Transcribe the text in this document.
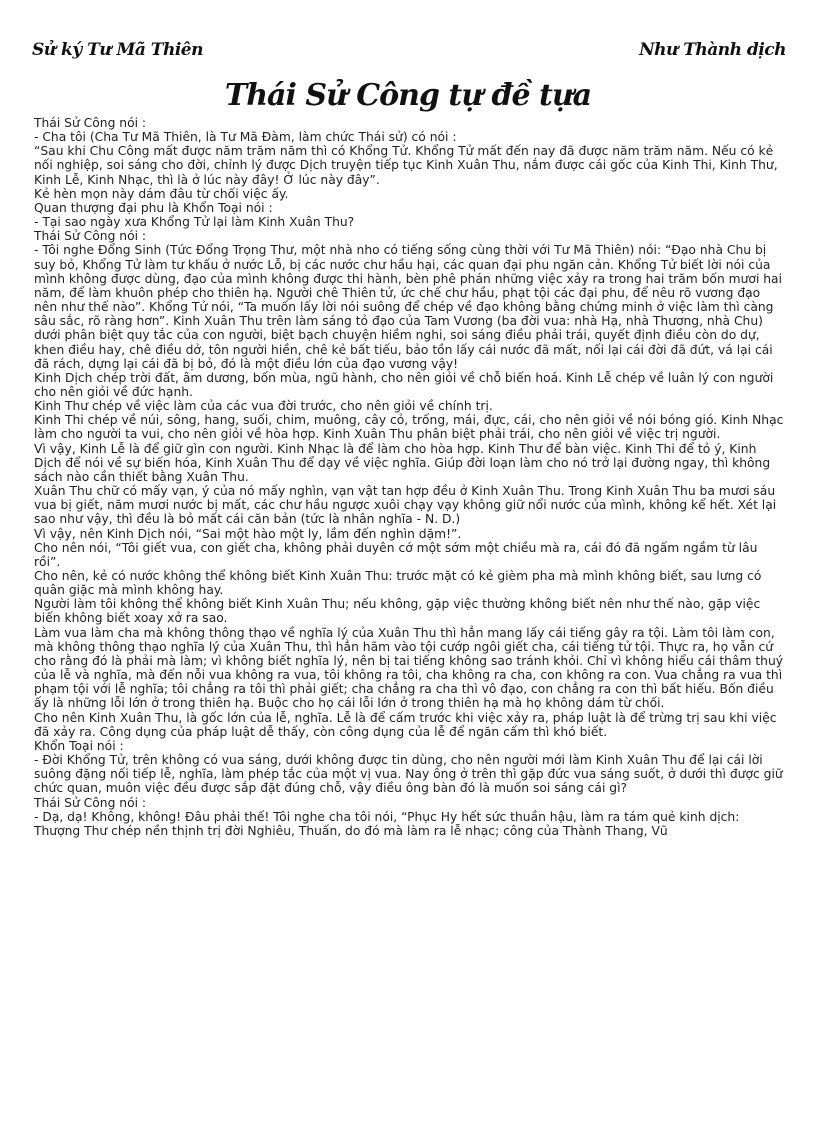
Sử ký Tư Mã Thiên	Như Thành dịch
Thái Sử Công tự đề tựa

Thái Sử Công nói :

- Cha tôi (Cha Tư Mã Thiên, là Tư Mã Đàm, làm chức Thái sử) có nói :

“Sau khi Chu Công mất được năm trăm năm thì có Khổng Tử. Khổng Tử mất đến nay đã được năm trăm năm. Nếu có kẻ nối nghiệp, soi sáng cho đời, chỉnh lý được Dịch truyện tiếp tục Kinh Xuân Thu, nắm được cái gốc của Kinh Thi, Kinh Thư, Kinh Lễ, Kinh Nhạc, thì là ở lúc này đây! Ở lúc này đây”.

Kẻ hèn mọn này dám đâu từ chối việc ấy.

Quan thượng đại phu là Khổn Toại nói :

- Tại sao ngày xưa Khổng Tử lại làm Kinh Xuân Thu?

Thái Sử Công nói :

- Tôi nghe Đổng Sinh (Tức Đổng Trọng Thư, một nhà nho có tiếng sống cùng thời với Tư Mã Thiên) nói: “Đạo nhà Chu bị suy bỏ, Khổng Tử làm tư khấu ở nước Lỗ, bị các nước chư hầu hại, các quan đại phu ngăn cản. Khổng Tử biết lời nói của mình không được dùng, đạo của mình không được thi hành, bèn phê phán những việc xảy ra trong hai trăm bốn mươi hai năm, để làm khuôn phép cho thiên hạ. Người chê Thiên tử, ức chế chư hầu, phạt tội các đại phu, để nêu rõ vương đạo nên như thế nào”. Khổng Tử nói, “Ta muốn lấy lời nói suông để chép về đạo không bằng chứng minh ở việc làm thì càng sâu sắc, rõ ràng hơn”. Kinh Xuân Thu trên làm sáng tỏ đạo của Tam Vương (ba đời vua: nhà Hạ, nhà Thương, nhà Chu) dưới phân biệt quy tắc của con người, biệt bạch chuyện hiềm nghi, soi sáng điều phải trái, quyết định điều còn do dự, khen điều hay, chê điều dở, tôn người hiền, chê kẻ bất tiếu, bảo tồn lấy cái nước đã mất, nối lại cái đời đã đứt, vá lại cái đã rách, dựng lại cái đã bị bỏ, đó là một điều lớn của đạo vương vậy!

Kinh Dịch chép trời đất, âm dương, bốn mùa, ngũ hành, cho nên giỏi về chỗ biến hoá. Kinh Lễ chép về luân lý con người cho nên giỏi về đức hạnh.

Kinh Thư chép về việc làm của các vua đời trước, cho nên giỏi về chính trị.

Kinh Thi chép về núi, sông, hang, suối, chim, muông, cây cỏ, trống, mái, đực, cái, cho nên giỏi về nói bóng gió. Kinh Nhạc làm cho người ta vui, cho nên giỏi về hòa hợp. Kinh Xuân Thu phân biệt phải trái, cho nên giỏi về việc trị người.

Vì vậy, Kinh Lễ là để giữ gìn con người. Kinh Nhạc là để làm cho hòa hợp. Kinh Thư để bàn việc. Kinh Thi để tỏ ý, Kinh Dịch để nói về sự biến hóa, Kinh Xuân Thu để dạy về việc nghĩa. Giúp đời loạn làm cho nó trở lại đường ngay, thì không sách nào cần thiết bằng Xuân Thu.

Xuân Thu chữ có mấy vạn, ý của nó mấy nghìn, vạn vật tan hợp đều ở Kinh Xuân Thu. Trong Kinh Xuân Thu ba mươi sáu vua bị giết, năm mươi nước bị mất, các chư hầu ngược xuôi chạy vạy không giữ nổi nước của mình, không kể hết. Xét lại sao như vậy, thì đều là bỏ mất cái căn bản (tức là nhân nghĩa - N. D.)

Vì vậy, nên Kinh Dịch nói, “Sai một hào một ly, lầm đến nghìn dặm!”.

Cho nên nói, “Tôi giết vua, con giết cha, không phải duyên cớ một sớm một chiều mà ra, cái đó đã ngấm ngầm từ lâu rồi”.

Cho nên, kẻ có nước không thể không biết Kinh Xuân Thu: trước mặt có kẻ gièm pha mà mình không biết, sau lưng có quân giặc mà mình không hay.

Người làm tôi không thể không biết Kinh Xuân Thu; nếu không, gặp việc thường không biết nên như thế nào, gặp việc biến không biết xoay xở ra sao.

Làm vua làm cha mà không thông thạo về nghĩa lý của Xuân Thu thì hẳn mang lấy cái tiếng gây ra tội. Làm tôi làm con, mà không thông thạo nghĩa lý của Xuân Thu, thì hẳn hãm vào tội cướp ngôi giết cha, cái tiếng tử tội. Thực ra, họ vẫn cứ cho rằng đó là phải mà làm; vì không biết nghĩa lý, nên bị tai tiếng không sao tránh khỏi. Chỉ vì không hiểu cái thâm thuý của lễ và nghĩa, mà đến nỗi vua không ra vua, tôi không ra tôi, cha không ra cha, con không ra con. Vua chẳng ra vua thì phạm tội với lễ nghĩa; tôi chẳng ra tôi thì phải giết; cha chẳng ra cha thì vô đạo, con chẳng ra con thì bất hiếu. Bốn điều ấy là những lỗi lớn ở trong thiên hạ. Buộc cho họ cái lỗi lớn ở trong thiên hạ mà họ không dám từ chối.

Cho nên Kinh Xuân Thu, là gốc lớn của lễ, nghĩa. Lễ là để cấm trước khi việc xảy ra, pháp luật là để trừng trị sau khi việc đã xảy ra. Công dụng của pháp luật dễ thấy, còn công dụng của lễ để ngăn cấm thì khó biết.

Khổn Toại nói :

- Đời Khổng Tử, trên không có vua sáng, dưới không được tin dùng, cho nên người mới làm Kinh Xuân Thu để lại cái lời suông đặng nối tiếp lễ, nghĩa, làm phép tắc của một vị vua. Nay ông ở trên thì gặp đức vua sáng suốt, ở dưới thì được giữ chức quan, muôn việc đều được sắp đặt đúng chỗ, vậy điều ông bàn đó là muốn soi sáng cái gì?

Thái Sử Công nói :

- Dạ, dạ! Không, không! Đâu phải thế! Tôi nghe cha tôi nói, “Phục Hy hết sức thuần hậu, làm ra tám quẻ kinh dịch: Thượng Thư chép nền thịnh trị đời Nghiêu, Thuấn, do đó mà làm ra lễ nhạc; công của Thành Thang, Vũ
